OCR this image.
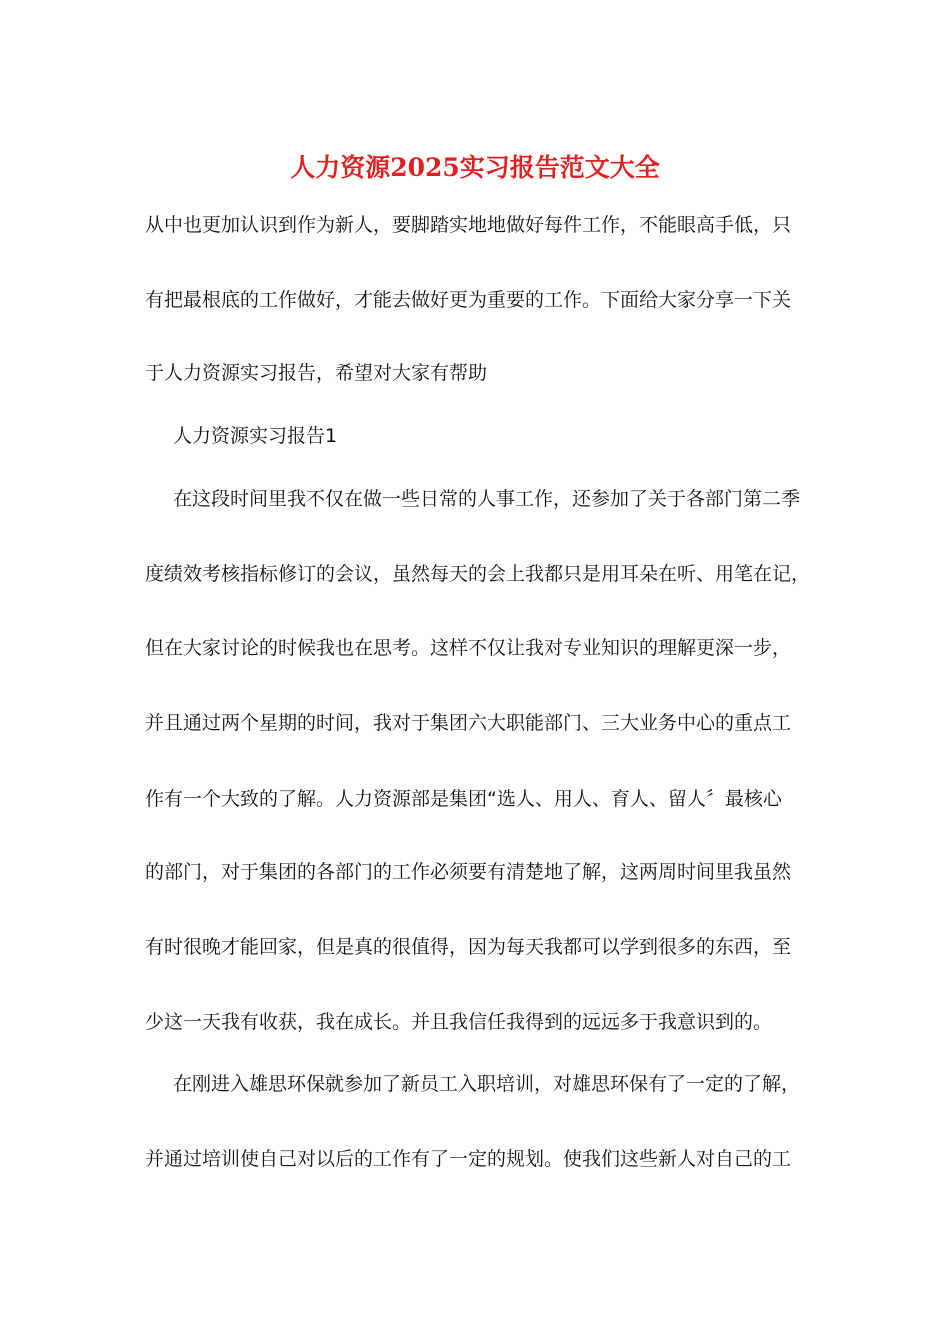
人力资源2025实习报告范文大全

从中也更加认识到作为新人，要脚踏实地地做好每件工作，不能眼高手低，只

有把最根底的工作做好，才能去做好更为重要的工作。下面给大家分享一下关

于人力资源实习报告，希望对大家有帮助

人力资源实习报告1

在这段时间里我不仅在做一些日常的人事工作，还参加了关于各部门第二季

度绩效考核指标修订的会议，虽然每天的会上我都只是用耳朵在听、用笔在记，

但在大家讨论的时候我也在思考。这样不仅让我对专业知识的理解更深一步，

并且通过两个星期的时间，我对于集团六大职能部门、三大业务中心的重点工

作有一个大致的了解。人力资源部是集团“选人、用人、育人、留人〞最核心

的部门，对于集团的各部门的工作必须要有清楚地了解，这两周时间里我虽然

有时很晚才能回家，但是真的很值得，因为每天我都可以学到很多的东西，至

少这一天我有收获，我在成长。并且我信任我得到的远远多于我意识到的。

在刚进入雄思环保就参加了新员工入职培训，对雄思环保有了一定的了解，

并通过培训使自己对以后的工作有了一定的规划。使我们这些新人对自己的工
